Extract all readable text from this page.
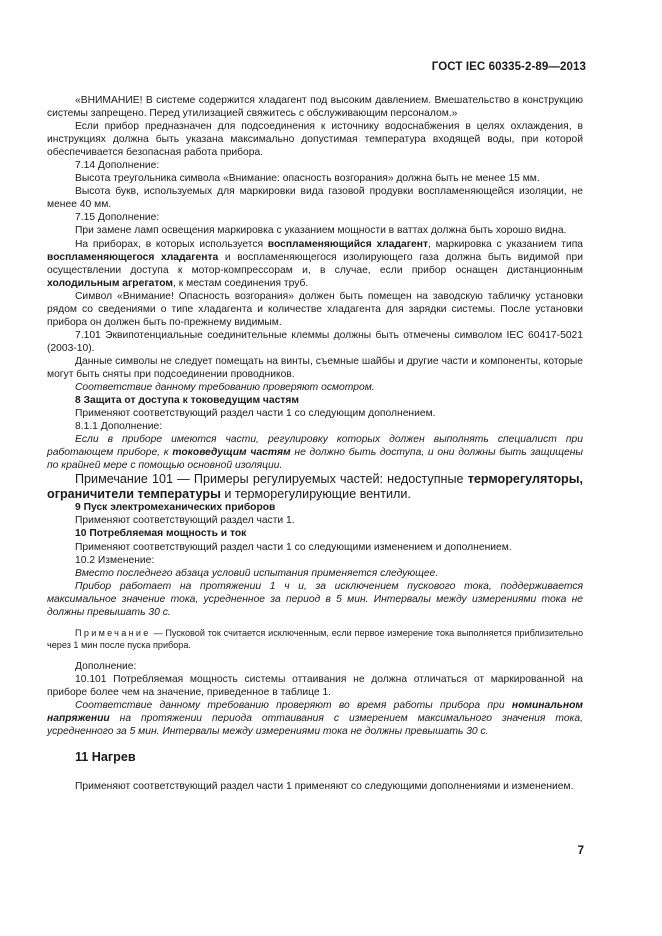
ГОСТ IEC 60335-2-89—2013

«ВНИМАНИЕ! В системе содержится хладагент под высоким давлением. Вмешательство в конструкцию системы запрещено. Перед утилизацией свяжитесь с обслуживающим персоналом.»

Если прибор предназначен для подсоединения к источнику водоснабжения в целях охлаждения, в инструкциях должна быть указана максимально допустимая температура входящей воды, при которой обеспечивается безопасная работа прибора.

7.14 Дополнение:

Высота треугольника символа «Внимание: опасность возгорания» должна быть не менее 15 мм.

Высота букв, используемых для маркировки вида газовой продувки воспламеняющейся изоляции, не менее 40 мм.

7.15 Дополнение:

При замене ламп освещения маркировка с указанием мощности в ваттах должна быть хорошо видна.

На приборах, в которых используется воспламеняющийся хладагент, маркировка с указанием типа воспламеняющегося хладагента и воспламеняющегося изолирующего газа должна быть видимой при осуществлении доступа к мотор-компрессорам и, в случае, если прибор оснащен дистанционным холодильным агрегатом, к местам соединения труб.

Символ «Внимание! Опасность возгорания» должен быть помещен на заводскую табличку установки рядом со сведениями о типе хладагента и количестве хладагента для зарядки системы. После установки прибора он должен быть по-прежнему видимым.

7.101 Эквипотенциальные соединительные клеммы должны быть отмечены символом IEC 60417-5021 (2003-10).

Данные символы не следует помещать на винты, съемные шайбы и другие части и компоненты, которые могут быть сняты при подсоединении проводников.

Соответствие данному требованию проверяют осмотром.

8 Защита от доступа к токоведущим частям

Применяют соответствующий раздел части 1 со следующим дополнением.

8.1.1 Дополнение:

Если в приборе имеются части, регулировку которых должен выполнять специалист при работающем приборе, к токоведущим частям не должно быть доступа, и они должны быть защищены по крайней мере с помощью основной изоляции.

Примечание 101 — Примеры регулируемых частей: недоступные терморегуляторы, ограничители температуры и терморегулирующие вентили.

9 Пуск электромеханических приборов

Применяют соответствующий раздел части 1.

10 Потребляемая мощность и ток

Применяют соответствующий раздел части 1 со следующими изменением и дополнением.

10.2 Изменение:

Вместо последнего абзаца условий испытания применяется следующее.

Прибор работает на протяжении 1 ч и, за исключением пускового тока, поддерживается максимальное значение тока, усредненное за период в 5 мин. Интервалы между измерениями тока не должны превышать 30 с.

Примечание — Пусковой ток считается исключенным, если первое измерение тока выполняется приблизительно через 1 мин после пуска прибора.

Дополнение:

10.101 Потребляемая мощность системы оттаивания не должна отличаться от маркированной на приборе более чем на значение, приведенное в таблице 1.

Соответствие данному требованию проверяют во время работы прибора при номинальном напряжении на протяжении периода оттаивания с измерением максимального значения тока, усредненного за 5 мин. Интервалы между измерениями тока не должны превышать 30 с.

11 Нагрев

Применяют соответствующий раздел части 1 применяют со следующими дополнениями и изменением.

7
